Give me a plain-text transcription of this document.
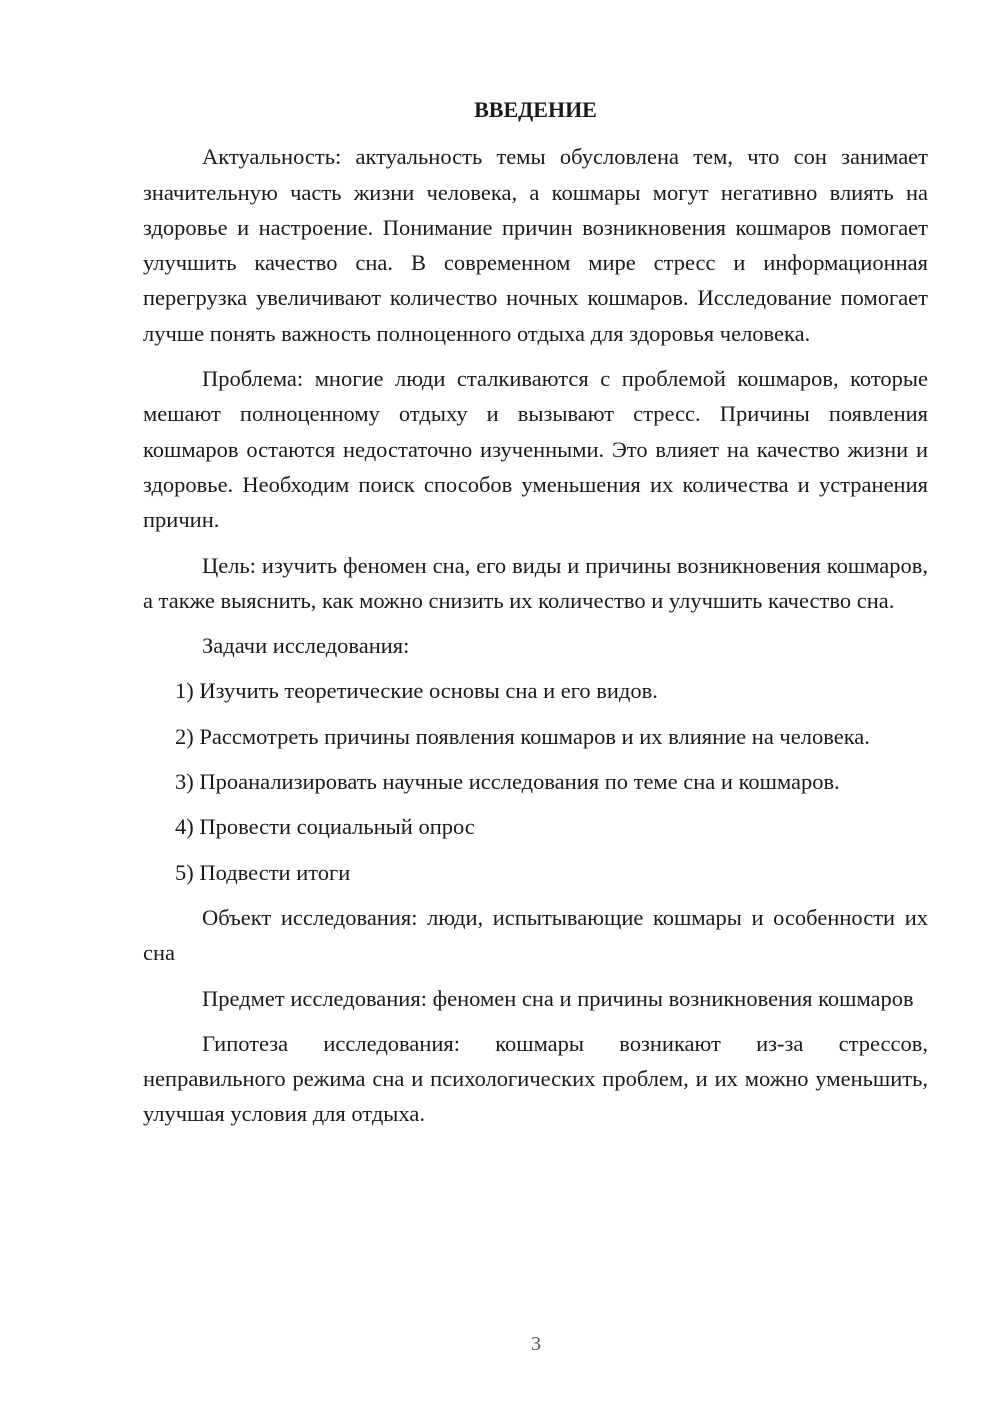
ВВЕДЕНИЕ

Актуальность: актуальность темы обусловлена тем, что сон занимает значительную часть жизни человека, а кошмары могут негативно влиять на здоровье и настроение. Понимание причин возникновения кошмаров помогает улучшить качество сна. В современном мире стресс и информационная перегрузка увеличивают количество ночных кошмаров. Исследование помогает лучше понять важность полноценного отдыха для здоровья человека.

Проблема: многие люди сталкиваются с проблемой кошмаров, которые мешают полноценному отдыху и вызывают стресс. Причины появления кошмаров остаются недостаточно изученными. Это влияет на качество жизни и здоровье. Необходим поиск способов уменьшения их количества и устранения причин.

Цель: изучить феномен сна, его виды и причины возникновения кошмаров, а также выяснить, как можно снизить их количество и улучшить качество сна.

Задачи исследования:

1) Изучить теоретические основы сна и его видов.

2) Рассмотреть причины появления кошмаров и их влияние на человека.

3) Проанализировать научные исследования по теме сна и кошмаров.

4) Провести социальный опрос

5) Подвести итоги

Объект исследования: люди, испытывающие кошмары и особенности их сна

Предмет исследования: феномен сна и причины возникновения кошмаров

Гипотеза исследования: кошмары возникают из-за стрессов, неправильного режима сна и психологических проблем, и их можно уменьшить, улучшая условия для отдыха.

3
